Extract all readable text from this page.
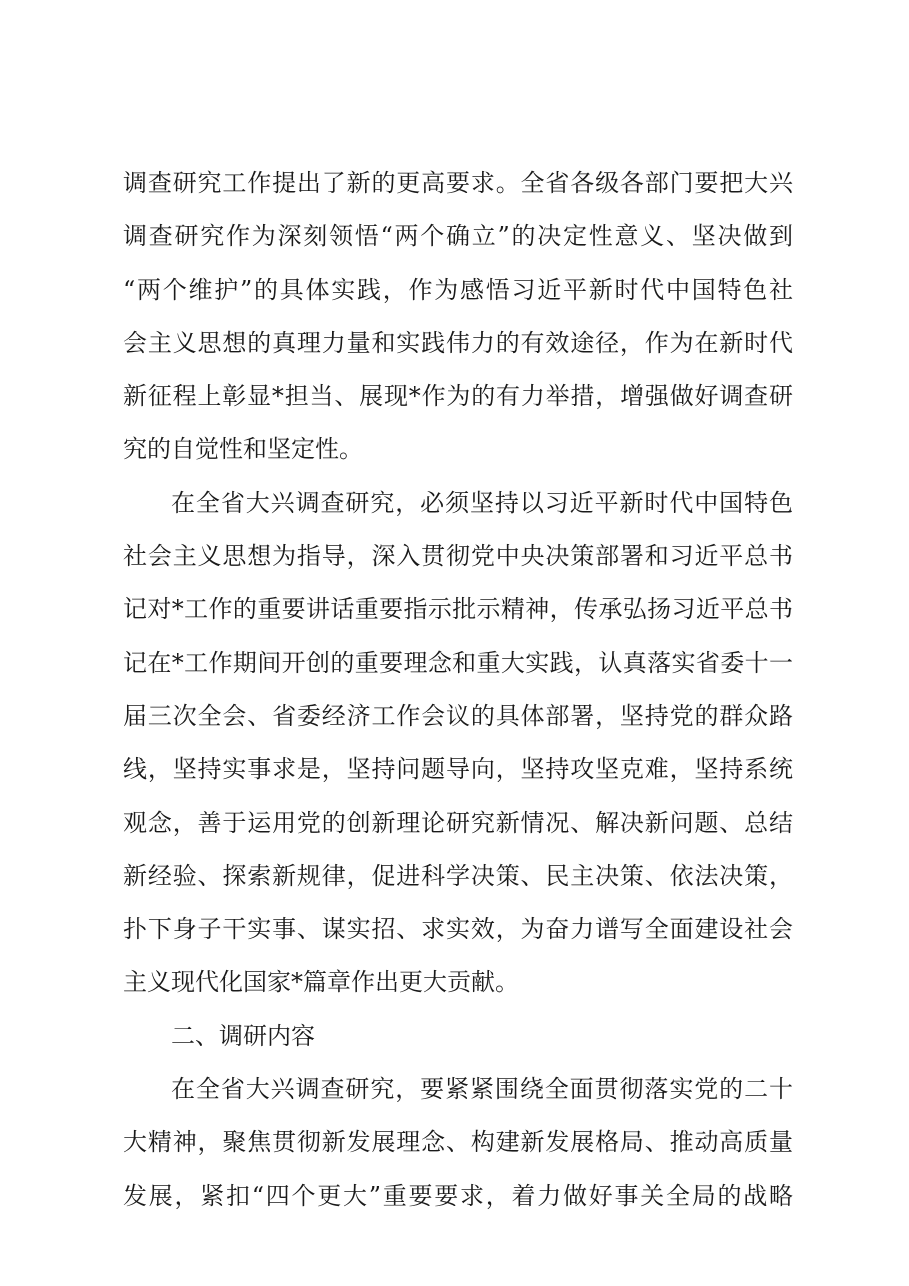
调查研究工作提出了新的更高要求。全省各级各部门要把大兴
调查研究作为深刻领悟“两个确立”的决定性意义、坚决做到
“两个维护”的具体实践，作为感悟习近平新时代中国特色社
会主义思想的真理力量和实践伟力的有效途径，作为在新时代
新征程上彰显*担当、展现*作为的有力举措，增强做好调查研
究的自觉性和坚定性。
在全省大兴调查研究，必须坚持以习近平新时代中国特色
社会主义思想为指导，深入贯彻党中央决策部署和习近平总书
记对*工作的重要讲话重要指示批示精神，传承弘扬习近平总书
记在*工作期间开创的重要理念和重大实践，认真落实省委十一
届三次全会、省委经济工作会议的具体部署，坚持党的群众路
线，坚持实事求是，坚持问题导向，坚持攻坚克难，坚持系统
观念，善于运用党的创新理论研究新情况、解决新问题、总结
新经验、探索新规律，促进科学决策、民主决策、依法决策，
扑下身子干实事、谋实招、求实效，为奋力谱写全面建设社会
主义现代化国家*篇章作出更大贡献。
二、调研内容
在全省大兴调查研究，要紧紧围绕全面贯彻落实党的二十
大精神，聚焦贯彻新发展理念、构建新发展格局、推动高质量
发展，紧扣“四个更大”重要要求，着力做好事关全局的战略
